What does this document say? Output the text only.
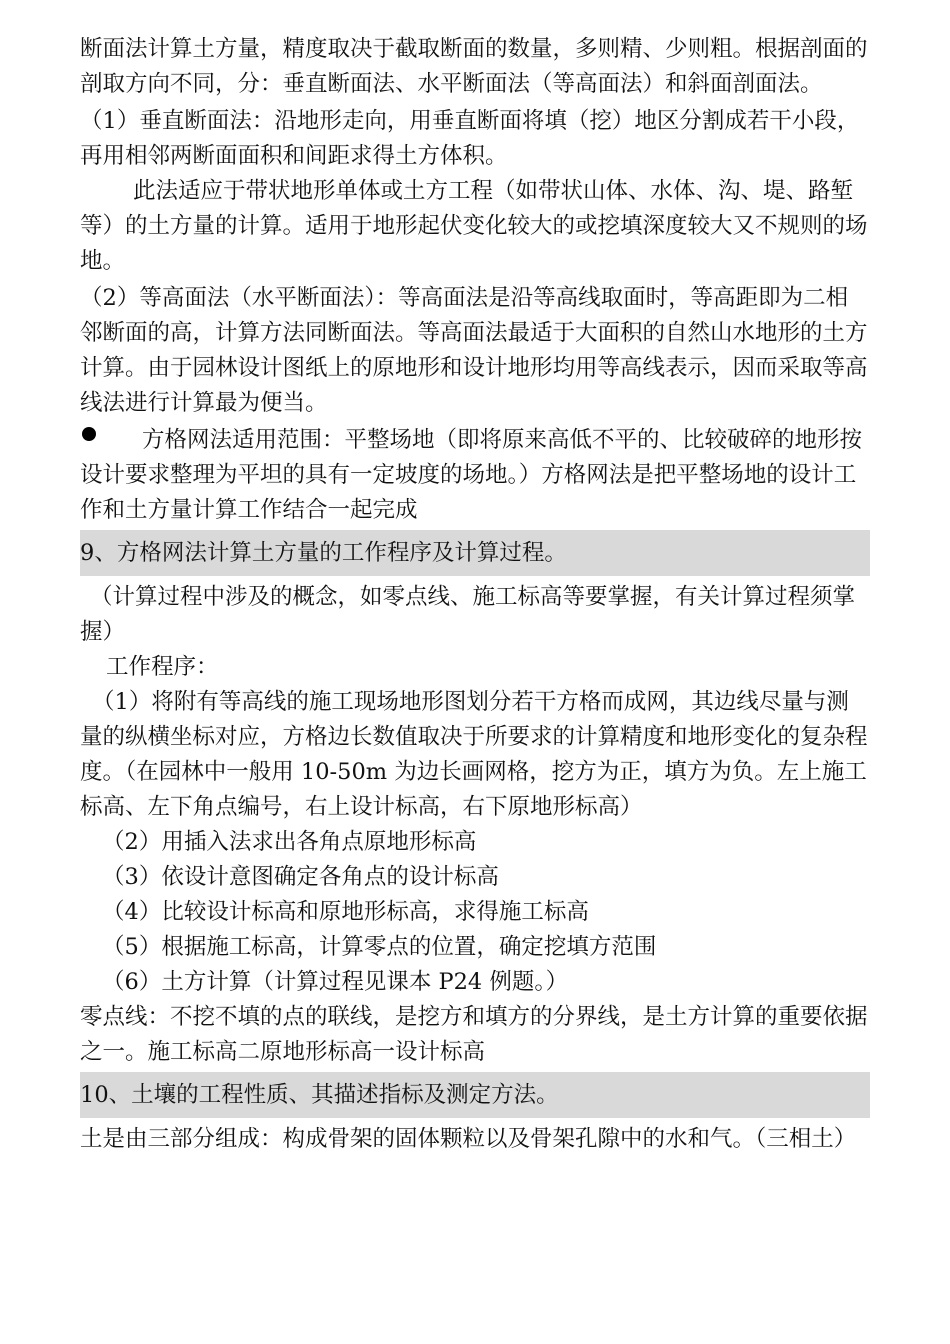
断面法计算土方量，精度取决于截取断面的数量，多则精、少则粗。根据剖面的剖取方向不同，分：垂直断面法、水平断面法（等高面法）和斜面剖面法。

（1）垂直断面法：沿地形走向，用垂直断面将填（挖）地区分割成若干小段，再用相邻两断面面积和间距求得土方体积。

此法适应于带状地形单体或土方工程（如带状山体、水体、沟、堤、路堑等）的土方量的计算。适用于地形起伏变化较大的或挖填深度较大又不规则的场地。

（2）等高面法（水平断面法）：等高面法是沿等高线取面时，等高距即为二相邻断面的高，计算方法同断面法。等高面法最适于大面积的自然山水地形的土方计算。由于园林设计图纸上的原地形和设计地形均用等高线表示，因而采取等高线法进行计算最为便当。

方格网法适用范围：平整场地（即将原来高低不平的、比较破碎的地形按设计要求整理为平坦的具有一定坡度的场地。）方格网法是把平整场地的设计工作和土方量计算工作结合一起完成

9、方格网法计算土方量的工作程序及计算过程。

（计算过程中涉及的概念，如零点线、施工标高等要掌握，有关计算过程须掌握）

工作程序：

（1）将附有等高线的施工现场地形图划分若干方格而成网，其边线尽量与测量的纵横坐标对应，方格边长数值取决于所要求的计算精度和地形变化的复杂程度。（在园林中一般用 10-50m 为边长画网格，挖方为正，填方为负。左上施工标高、左下角点编号，右上设计标高，右下原地形标高）

（2）用插入法求出各角点原地形标高

（3）依设计意图确定各角点的设计标高

（4）比较设计标高和原地形标高，求得施工标高

（5）根据施工标高，计算零点的位置，确定挖填方范围

（6）土方计算（计算过程见课本 P24 例题。）

零点线：不挖不填的点的联线，是挖方和填方的分界线，是土方计算的重要依据之一。施工标高二原地形标高一设计标高

10、土壤的工程性质、其描述指标及测定方法。

土是由三部分组成：构成骨架的固体颗粒以及骨架孔隙中的水和气。（三相土）
